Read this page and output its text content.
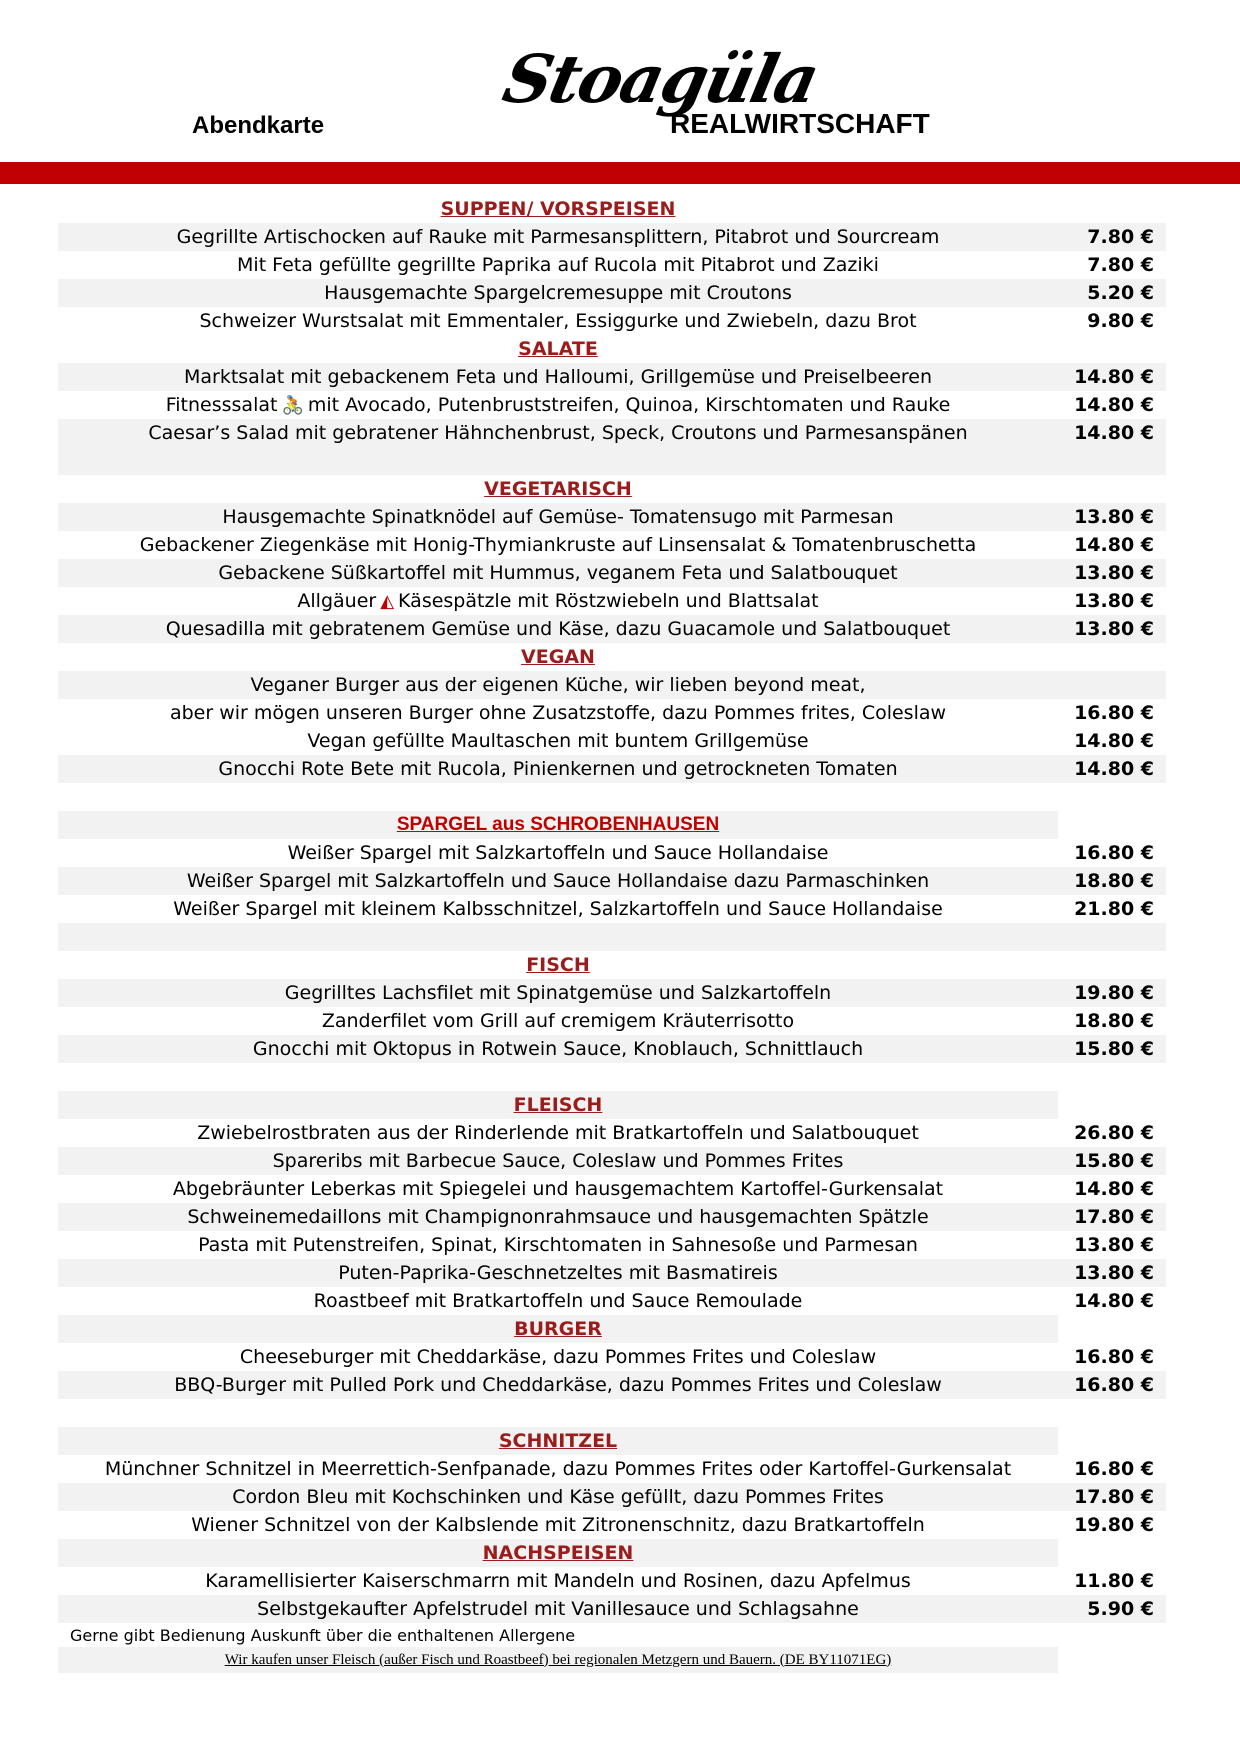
Abendkarte
Stoagüla
REALWIRTSCHAFT
SUPPEN/ VORSPEISEN
Gegrillte Artischocken auf Rauke mit Parmesansplittern, Pitabrot und Sourcream	7.80 €
Mit Feta gefüllte gegrillte Paprika auf Rucola mit Pitabrot und Zaziki	7.80 €
Hausgemachte Spargelcremesuppe mit Croutons	5.20 €
Schweizer Wurstsalat mit Emmentaler, Essiggurke und Zwiebeln, dazu Brot	9.80 €
SALATE
Marktsalat mit gebackenem Feta und Halloumi, Grillgemüse und Preiselbeeren	14.80 €
Fitnesssalat 🚴 mit Avocado, Putenbruststreifen, Quinoa, Kirschtomaten und Rauke	14.80 €
Caesar’s Salad mit gebratener Hähnchenbrust, Speck, Croutons und Parmesanspänen	14.80 €
VEGETARISCH
Hausgemachte Spinatknödel auf Gemüse- Tomatensugo mit Parmesan	13.80 €
Gebackener Ziegenkäse mit Honig-Thymiankruste auf Linsensalat & Tomatenbruschetta	14.80 €
Gebackene Süßkartoffel mit Hummus, veganem Feta und Salatbouquet	13.80 €
Allgäuer ◭ Käsespätzle mit Röstzwiebeln und Blattsalat	13.80 €
Quesadilla mit gebratenem Gemüse und Käse, dazu Guacamole und Salatbouquet	13.80 €
VEGAN
Veganer Burger aus der eigenen Küche, wir lieben beyond meat,
aber wir mögen unseren Burger ohne Zusatzstoffe, dazu Pommes frites, Coleslaw	16.80 €
Vegan gefüllte Maultaschen mit buntem Grillgemüse	14.80 €
Gnocchi Rote Bete mit Rucola, Pinienkernen und getrockneten Tomaten	14.80 €
SPARGEL aus SCHROBENHAUSEN
Weißer Spargel mit Salzkartoffeln und Sauce Hollandaise	16.80 €
Weißer Spargel mit Salzkartoffeln und Sauce Hollandaise dazu Parmaschinken	18.80 €
Weißer Spargel mit kleinem Kalbsschnitzel, Salzkartoffeln und Sauce Hollandaise	21.80 €
FISCH
Gegrilltes Lachsfilet mit Spinatgemüse und Salzkartoffeln	19.80 €
Zanderfilet vom Grill auf cremigem Kräuterrisotto	18.80 €
Gnocchi mit Oktopus in Rotwein Sauce, Knoblauch, Schnittlauch	15.80 €
FLEISCH
Zwiebelrostbraten aus der Rinderlende mit Bratkartoffeln und Salatbouquet	26.80 €
Spareribs mit Barbecue Sauce, Coleslaw und Pommes Frites	15.80 €
Abgebräunter Leberkas mit Spiegelei und hausgemachtem Kartoffel-Gurkensalat	14.80 €
Schweinemedaillons mit Champignonrahmsauce und hausgemachten Spätzle	17.80 €
Pasta mit Putenstreifen, Spinat, Kirschtomaten in Sahnesoße und Parmesan	13.80 €
Puten-Paprika-Geschnetzeltes mit Basmatireis	13.80 €
Roastbeef mit Bratkartoffeln und Sauce Remoulade	14.80 €
BURGER
Cheeseburger mit Cheddarkäse, dazu Pommes Frites und Coleslaw	16.80 €
BBQ-Burger mit Pulled Pork und Cheddarkäse, dazu Pommes Frites und Coleslaw	16.80 €
SCHNITZEL
Münchner Schnitzel in Meerrettich-Senfpanade, dazu Pommes Frites oder Kartoffel-Gurkensalat	16.80 €
Cordon Bleu mit Kochschinken und Käse gefüllt, dazu Pommes Frites	17.80 €
Wiener Schnitzel von der Kalbslende mit Zitronenschnitz, dazu Bratkartoffeln	19.80 €
NACHSPEISEN
Karamellisierter Kaiserschmarrn mit Mandeln und Rosinen, dazu Apfelmus	11.80 €
Selbstgekaufter Apfelstrudel mit Vanillesauce und Schlagsahne	5.90 €
Gerne gibt Bedienung Auskunft über die enthaltenen Allergene
Wir kaufen unser Fleisch (außer Fisch und Roastbeef) bei regionalen Metzgern und Bauern. (DE BY11071EG)
